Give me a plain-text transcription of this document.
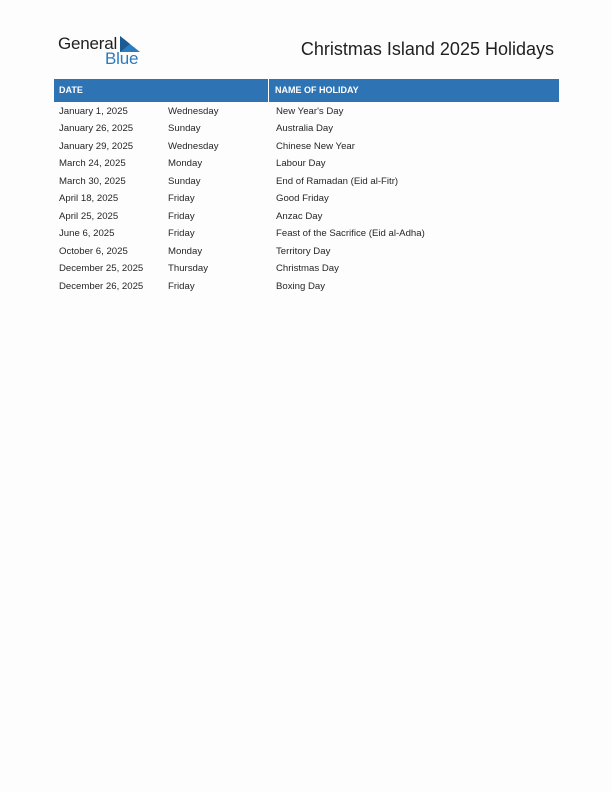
General
Blue	Christmas Island 2025 Holidays
DATE	NAME OF HOLIDAY
January 1, 2025	Wednesday	New Year's Day
January 26, 2025	Sunday	Australia Day
January 29, 2025	Wednesday	Chinese New Year
March 24, 2025	Monday	Labour Day
March 30, 2025	Sunday	End of Ramadan (Eid al-Fitr)
April 18, 2025	Friday	Good Friday
April 25, 2025	Friday	Anzac Day
June 6, 2025	Friday	Feast of the Sacrifice (Eid al-Adha)
October 6, 2025	Monday	Territory Day
December 25, 2025	Thursday	Christmas Day
December 26, 2025	Friday	Boxing Day
